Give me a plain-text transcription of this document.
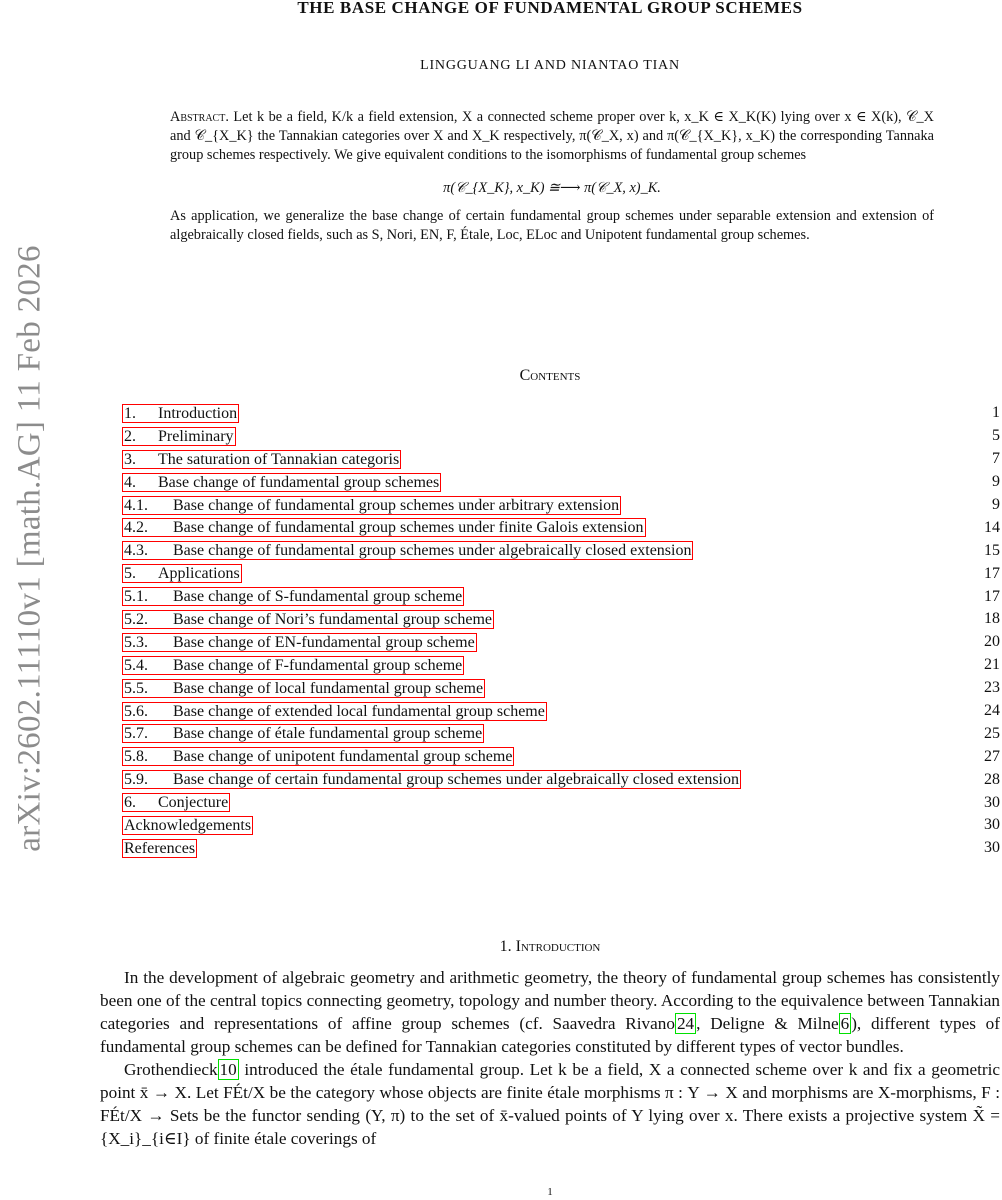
arXiv:2602.11110v1 [math.AG] 11 Feb 2026
THE BASE CHANGE OF FUNDAMENTAL GROUP SCHEMES
LINGGUANG LI AND NIANTAO TIAN
Abstract. Let k be a field, K/k a field extension, X a connected scheme proper over k, x_K ∈ X_K(K) lying over x ∈ X(k), 𝒞_X and 𝒞_{X_K} the Tannakian categories over X and X_K respectively, π(𝒞_X, x) and π(𝒞_{X_K}, x_K) the corresponding Tannaka group schemes respectively. We give equivalent conditions to the isomorphisms of fundamental group schemes
π(𝒞_{X_K}, x_K) ≅⟶ π(𝒞_X, x)_K.
As application, we generalize the base change of certain fundamental group schemes under separable extension and extension of algebraically closed fields, such as S, Nori, EN, F, Étale, Loc, ELoc and Unipotent fundamental group schemes.
Contents
1. Introduction	1
2. Preliminary	5
3. The saturation of Tannakian categoris	7
4. Base change of fundamental group schemes	9
4.1. Base change of fundamental group schemes under arbitrary extension	9
4.2. Base change of fundamental group schemes under finite Galois extension	14
4.3. Base change of fundamental group schemes under algebraically closed extension	15
5. Applications	17
5.1. Base change of S-fundamental group scheme	17
5.2. Base change of Nori’s fundamental group scheme	18
5.3. Base change of EN-fundamental group scheme	20
5.4. Base change of F-fundamental group scheme	21
5.5. Base change of local fundamental group scheme	23
5.6. Base change of extended local fundamental group scheme	24
5.7. Base change of étale fundamental group scheme	25
5.8. Base change of unipotent fundamental group scheme	27
5.9. Base change of certain fundamental group schemes under algebraically closed extension	28
6. Conjecture	30
Acknowledgements	30
References	30
1. Introduction

In the development of algebraic geometry and arithmetic geometry, the theory of fundamental group schemes has consistently been one of the central topics connecting geometry, topology and number theory. According to the equivalence between Tannakian categories and representations of affine group schemes (cf. Saavedra Rivano 24 , Deligne & Milne 6 ), different types of fundamental group schemes can be defined for Tannakian categories constituted by different types of vector bundles.

Grothendieck 10 introduced the étale fundamental group. Let k be a field, X a connected scheme over k and fix a geometric point x̄ → X. Let FÉt/X be the category whose objects are finite étale morphisms π : Y → X and morphisms are X-morphisms, F : FÉt/X → Sets be the functor sending (Y, π) to the set of x̄-valued points of Y lying over x. There exists a projective system X̃ = {X_i}_{i∈I} of finite étale coverings of

1
